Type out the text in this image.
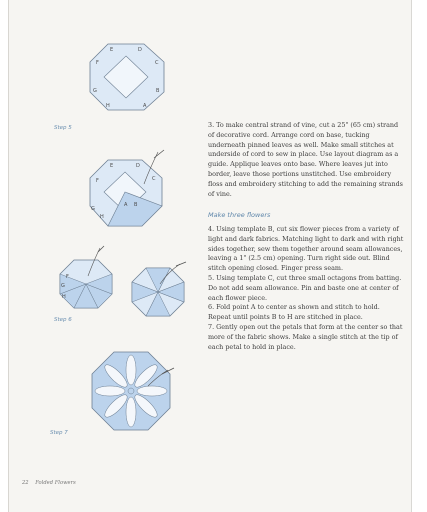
F
E	D
C
G
H	A
B
Step 5
F
E	D
C
B
A
H
G
F
G
H
Step 6
Step 7

3. To make central strand of vine, cut a 25" (65 cm) strand of decorative cord. Arrange cord on base, tucking underneath pinned leaves as well. Make small stitches at underside of cord to sew in place. Use layout diagram as a guide. Applique leaves onto base. Where leaves jut into border, leave those portions unstitched. Use embroidery floss and embroidery stitching to add the remaining strands of vine.

Make three flowers

4. Using template B, cut six flower pieces from a variety of light and dark fabrics. Matching light to dark and with right sides together, sew them together around seam allowances, leaving a 1" (2.5 cm) opening. Turn right side out. Blind stitch opening closed. Finger press seam.

5. Using template C, cut three small octagons from batting. Do not add seam allowance. Pin and baste one at center of each flower piece.

6. Fold point A to center as shown and stitch to hold. Repeat until points B to H are stitched in place.

7. Gently open out the petals that form at the center so that more of the fabric shows. Make a single stitch at the tip of each petal to hold in place.

22 Folded Flowers
